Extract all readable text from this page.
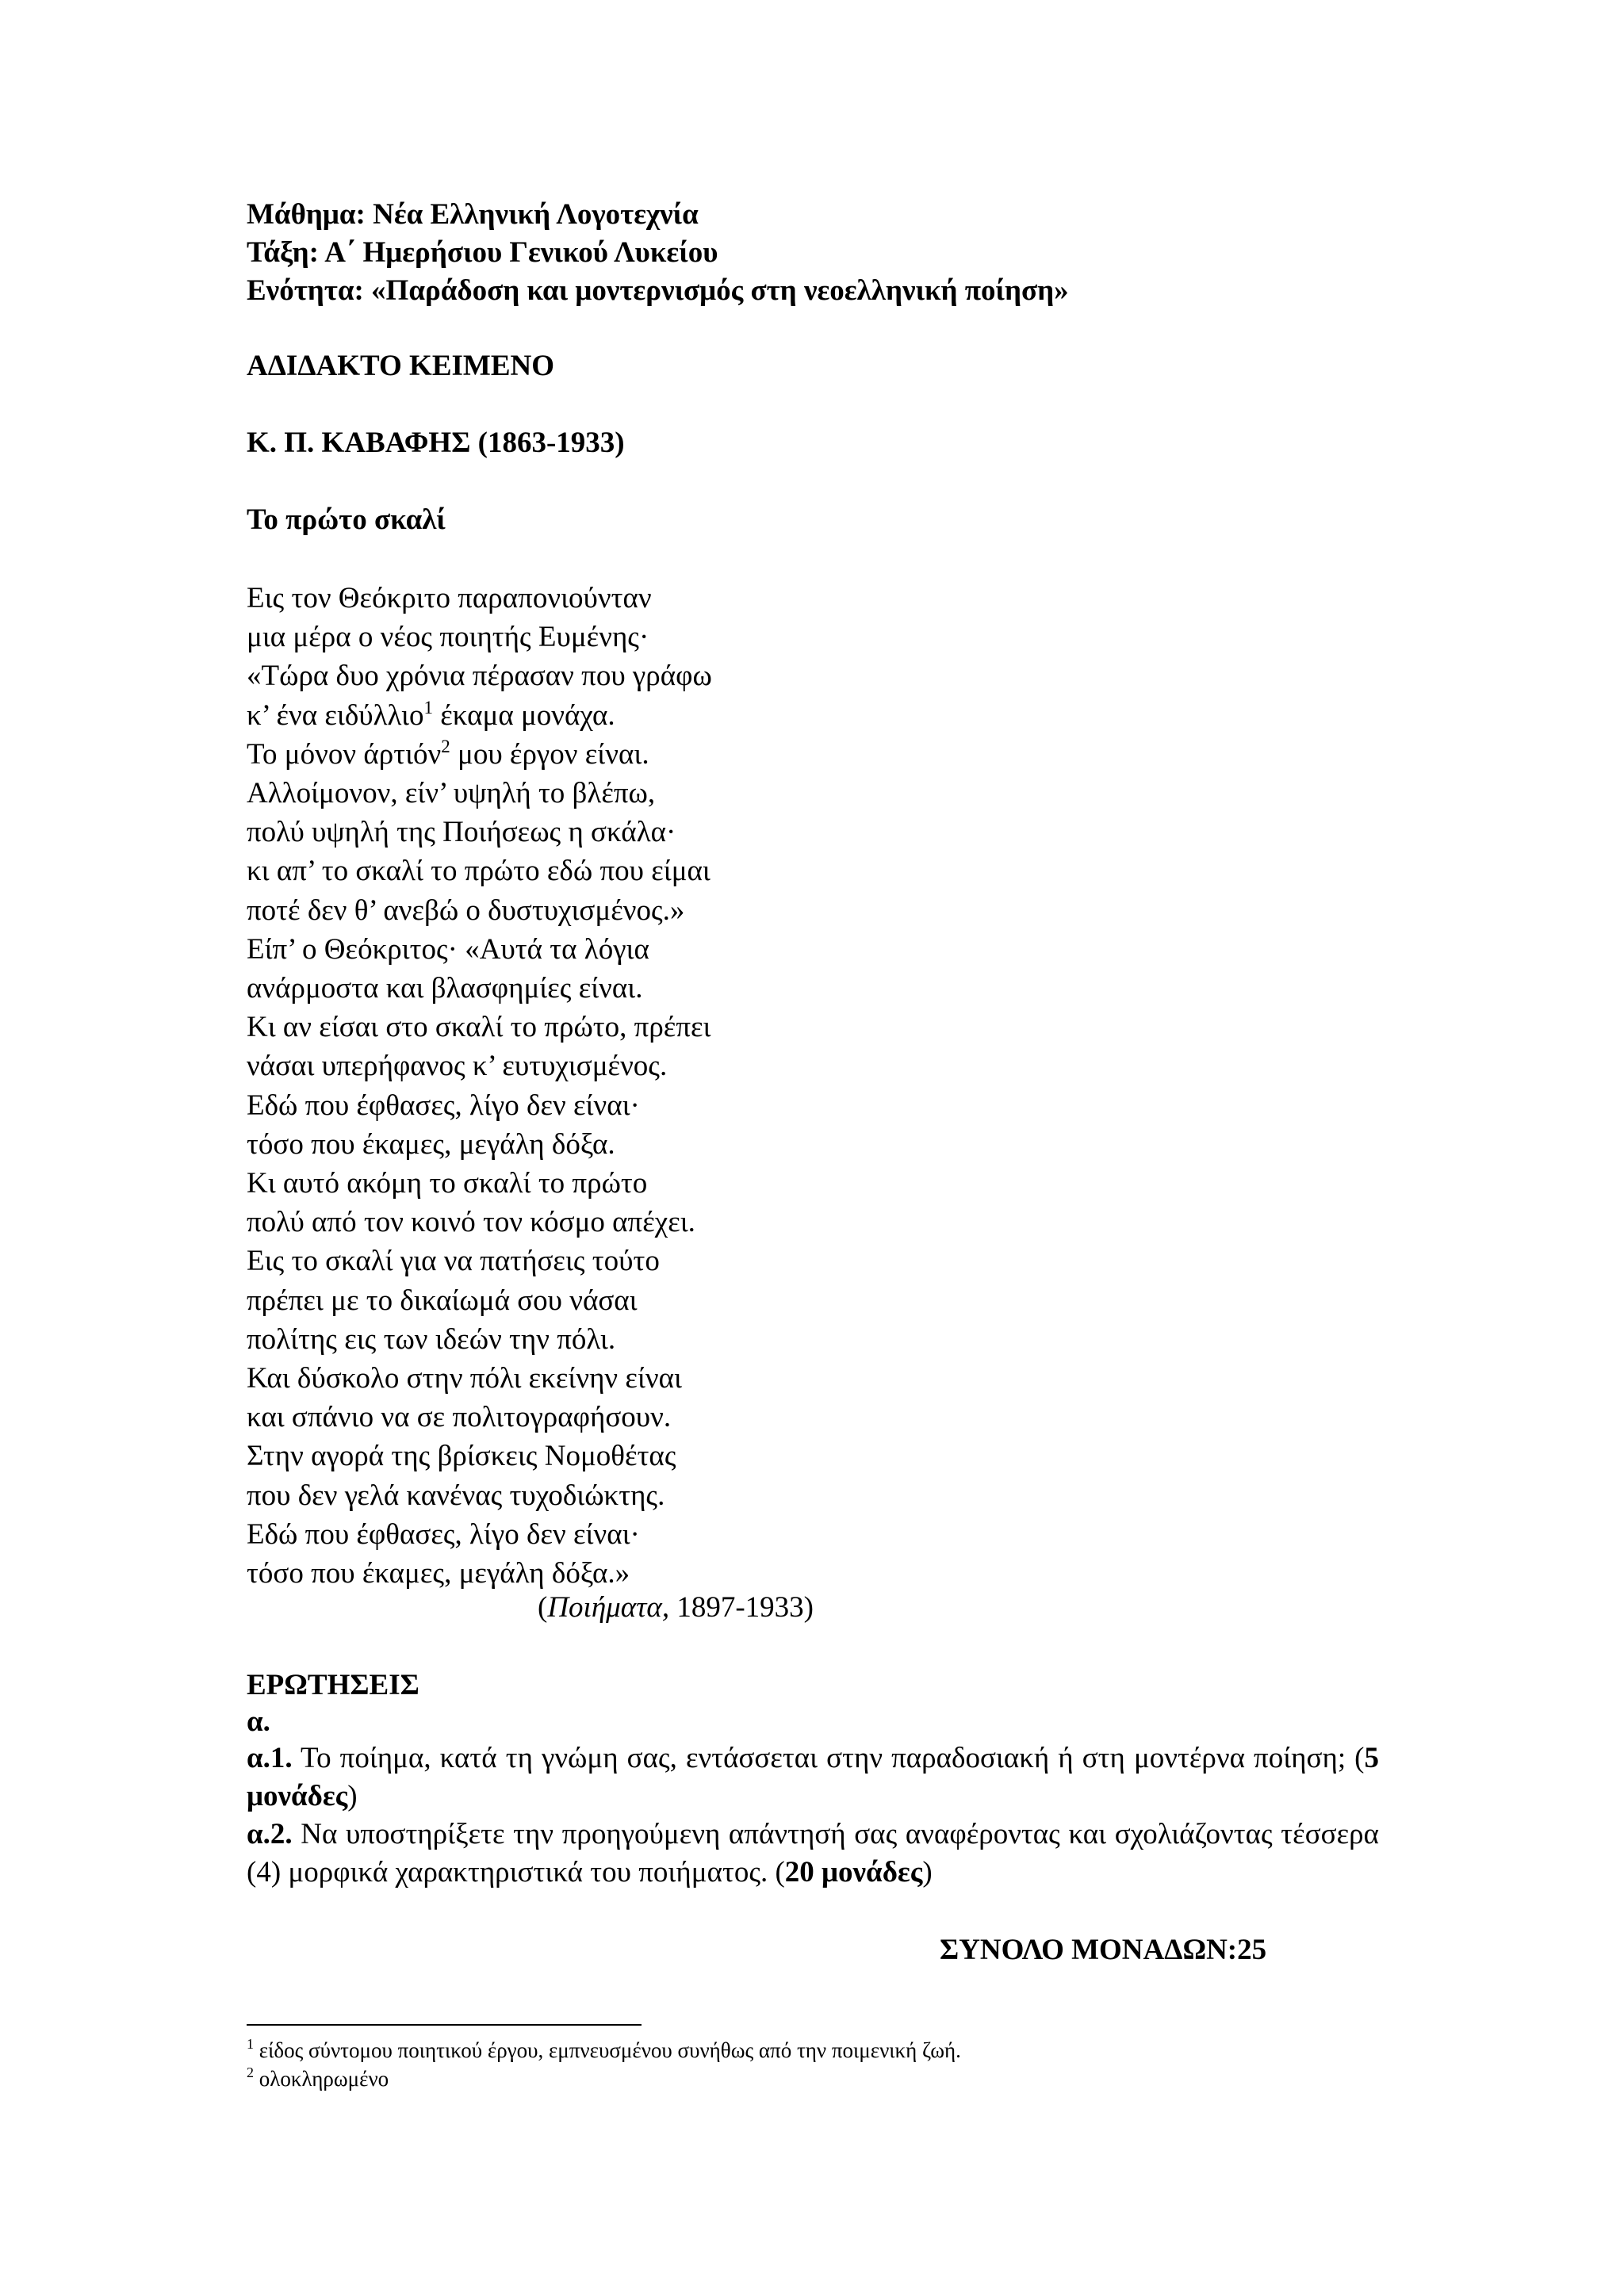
Μάθημα: Νέα Ελληνική Λογοτεχνία
Τάξη: Α΄ Ημερήσιου Γενικού Λυκείου
Ενότητα: «Παράδοση και μοντερνισμός στη νεοελληνική ποίηση»
ΑΔΙΔΑΚΤΟ ΚΕΙΜΕΝΟ
Κ. Π. ΚΑΒΑΦΗΣ (1863-1933)
Το πρώτο σκαλί
Εις τον Θεόκριτο παραπονιούνταν
μια μέρα ο νέος ποιητής Ευμένης·
«Τώρα δυο χρόνια πέρασαν που γράφω
κ’ ένα ειδύλλιο$^1$ έκαμα μονάχα.
Το μόνον άρτιόν$^2$ μου έργον είναι.
Αλλοίμονον, είν’ υψηλή το βλέπω,
πολύ υψηλή της Ποιήσεως η σκάλα·
κι απ’ το σκαλί το πρώτο εδώ που είμαι
ποτέ δεν θ’ ανεβώ ο δυστυχισμένος.»
Είπ’ ο Θεόκριτος· «Αυτά τα λόγια
ανάρμοστα και βλασφημίες είναι.
Κι αν είσαι στο σκαλί το πρώτο, πρέπει
νάσαι υπερήφανος κ’ ευτυχισμένος.
Εδώ που έφθασες, λίγο δεν είναι·
τόσο που έκαμες, μεγάλη δόξα.
Κι αυτό ακόμη το σκαλί το πρώτο
πολύ από τον κοινό τον κόσμο απέχει.
Εις το σκαλί για να πατήσεις τούτο
πρέπει με το δικαίωμά σου νάσαι
πολίτης εις των ιδεών την πόλι.
Και δύσκολο στην πόλι εκείνην είναι
και σπάνιο να σε πολιτογραφήσουν.
Στην αγορά της βρίσκεις Νομοθέτας
που δεν γελά κανένας τυχοδιώκτης.
Εδώ που έφθασες, λίγο δεν είναι·
τόσο που έκαμες, μεγάλη δόξα.»
(Ποιήματα, 1897-1933)
ΕΡΩΤΗΣΕΙΣ
α.
α.1. Το ποίημα, κατά τη γνώμη σας, εντάσσεται στην παραδοσιακή ή στη μοντέρνα ποίηση; (5 μονάδες)
α.2. Να υποστηρίξετε την προηγούμενη απάντησή σας αναφέροντας και σχολιάζοντας τέσσερα (4) μορφικά χαρακτηριστικά του ποιήματος. (20 μονάδες)
ΣΥΝΟΛΟ ΜΟΝΑΔΩΝ:25
$^1$ είδος σύντομου ποιητικού έργου, εμπνευσμένου συνήθως από την ποιμενική ζωή.
$^2$ ολοκληρωμένο
